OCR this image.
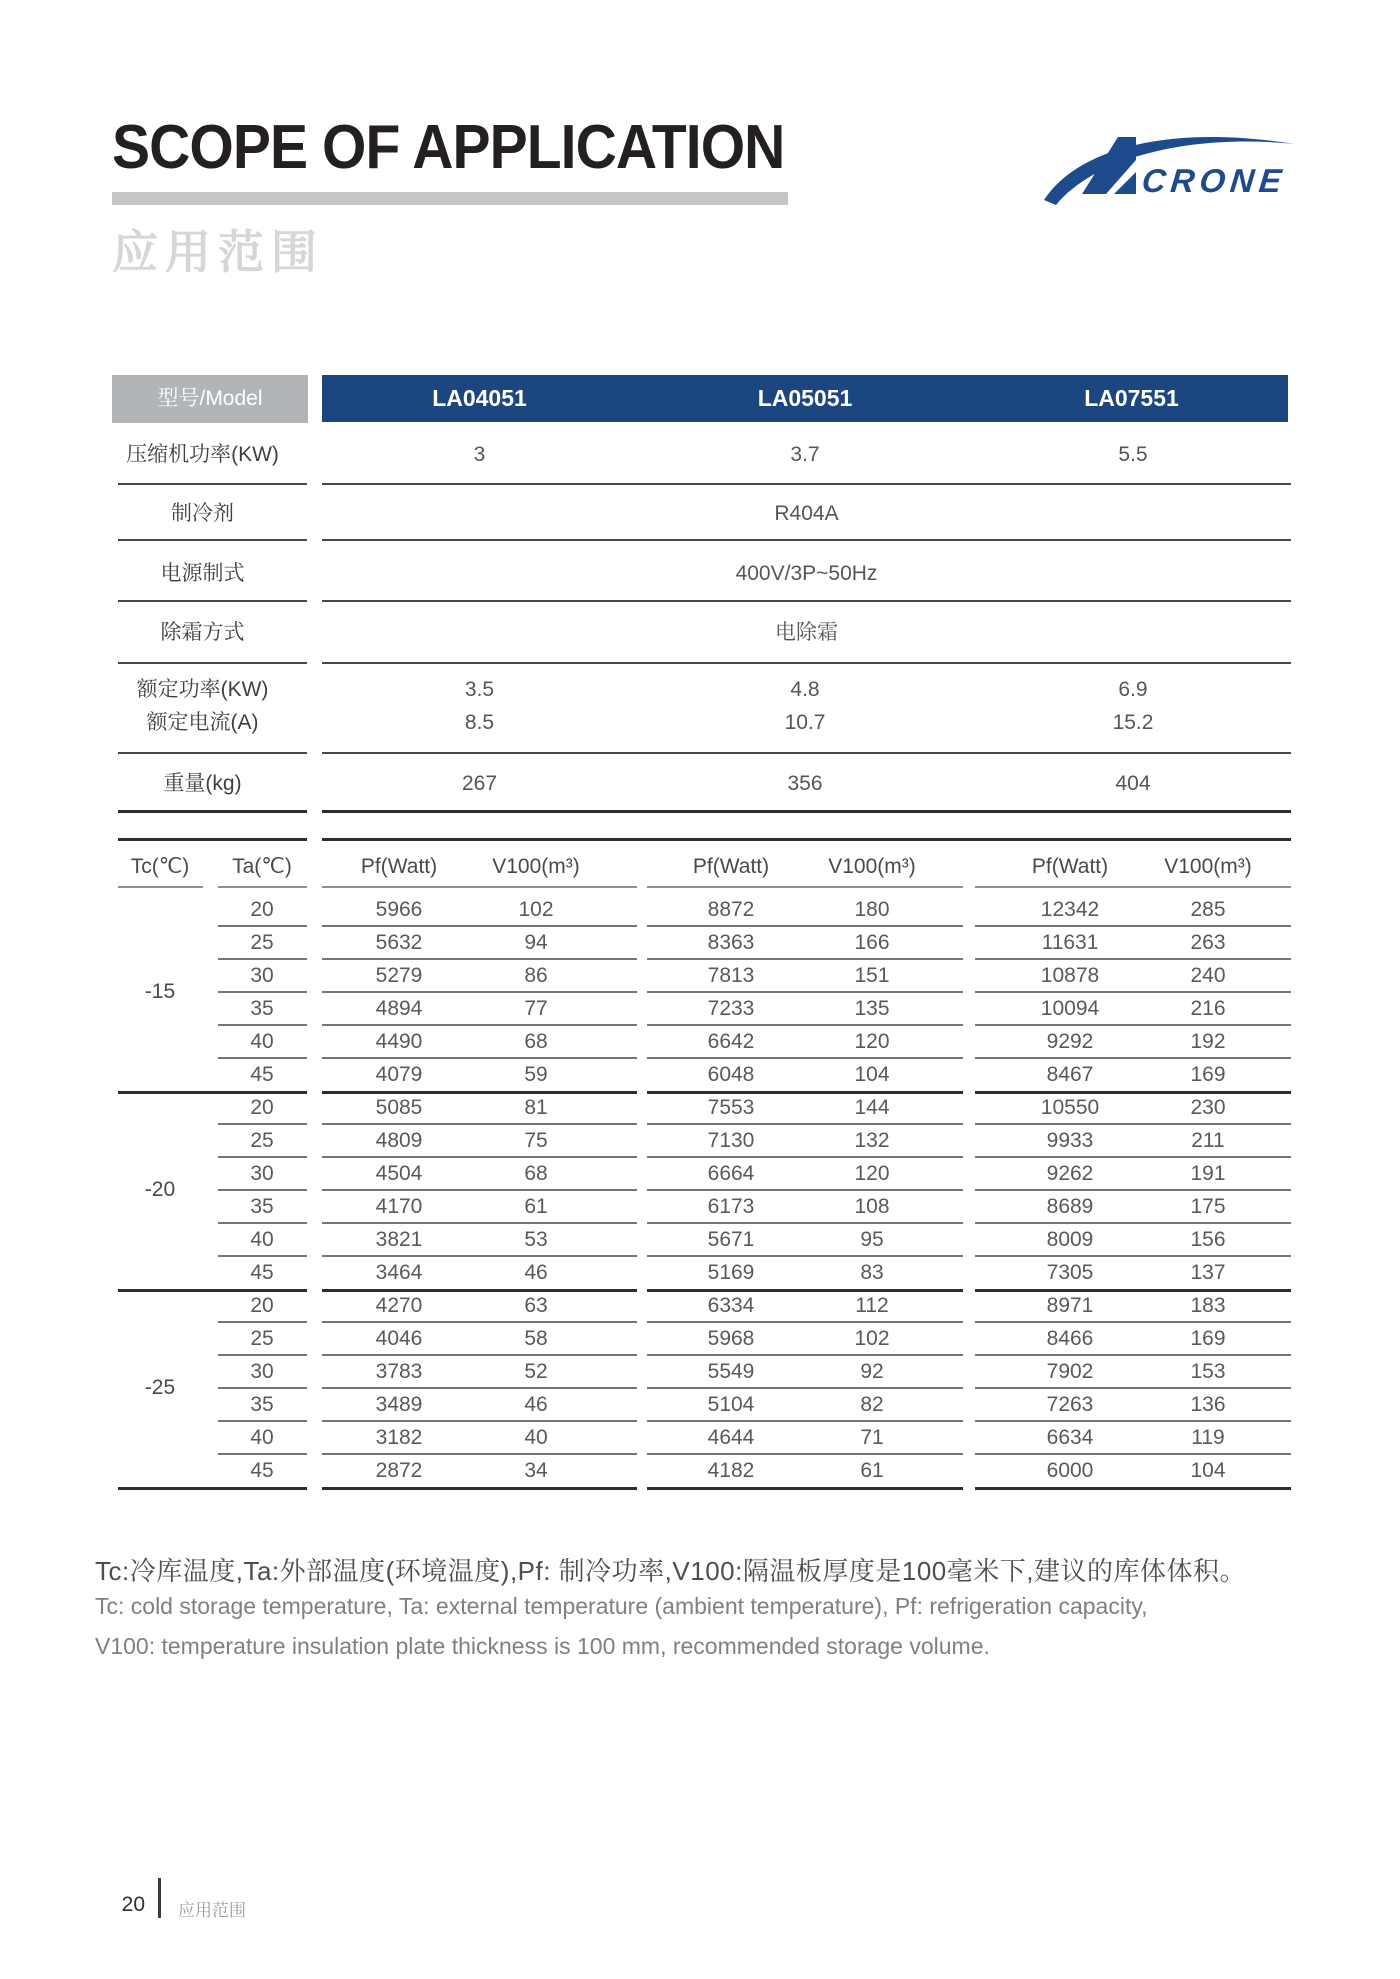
SCOPE OF APPLICATION
应用范围
CRONE
型号/Model	LA04051	LA05051	LA07551
压缩机功率(KW)	3	3.7	5.5
制冷剂	R404A
电源制式	400V/3P~50Hz
除霜方式	电除霜
额定功率(KW)	3.5	4.8	6.9
额定电流(A)	8.5	10.7	15.2
重量(kg)	267	356	404
Tc(℃)	Ta(℃)	Pf(Watt)	V100(m³)	Pf(Watt)	V100(m³)	Pf(Watt)	V100(m³)
-15
20	5966	102	8872	180	12342	285
25	5632	94	8363	166	11631	263
30	5279	86	7813	151	10878	240
35	4894	77	7233	135	10094	216
40	4490	68	6642	120	9292	192
45	4079	59	6048	104	8467	169
-20
20	5085	81	7553	144	10550	230
25	4809	75	7130	132	9933	211
30	4504	68	6664	120	9262	191
35	4170	61	6173	108	8689	175
40	3821	53	5671	95	8009	156
45	3464	46	5169	83	7305	137
-25
20	4270	63	6334	112	8971	183
25	4046	58	5968	102	8466	169
30	3783	52	5549	92	7902	153
35	3489	46	5104	82	7263	136
40	3182	40	4644	71	6634	119
45	2872	34	4182	61	6000	104
Tc:冷库温度,Ta:外部温度(环境温度),Pf: 制冷功率,V100:隔温板厚度是100毫米下,建议的库体体积。
Tc: cold storage temperature, Ta: external temperature (ambient temperature), Pf: refrigeration capacity,
V100: temperature insulation plate thickness is 100 mm, recommended storage volume.
20 应用范围
